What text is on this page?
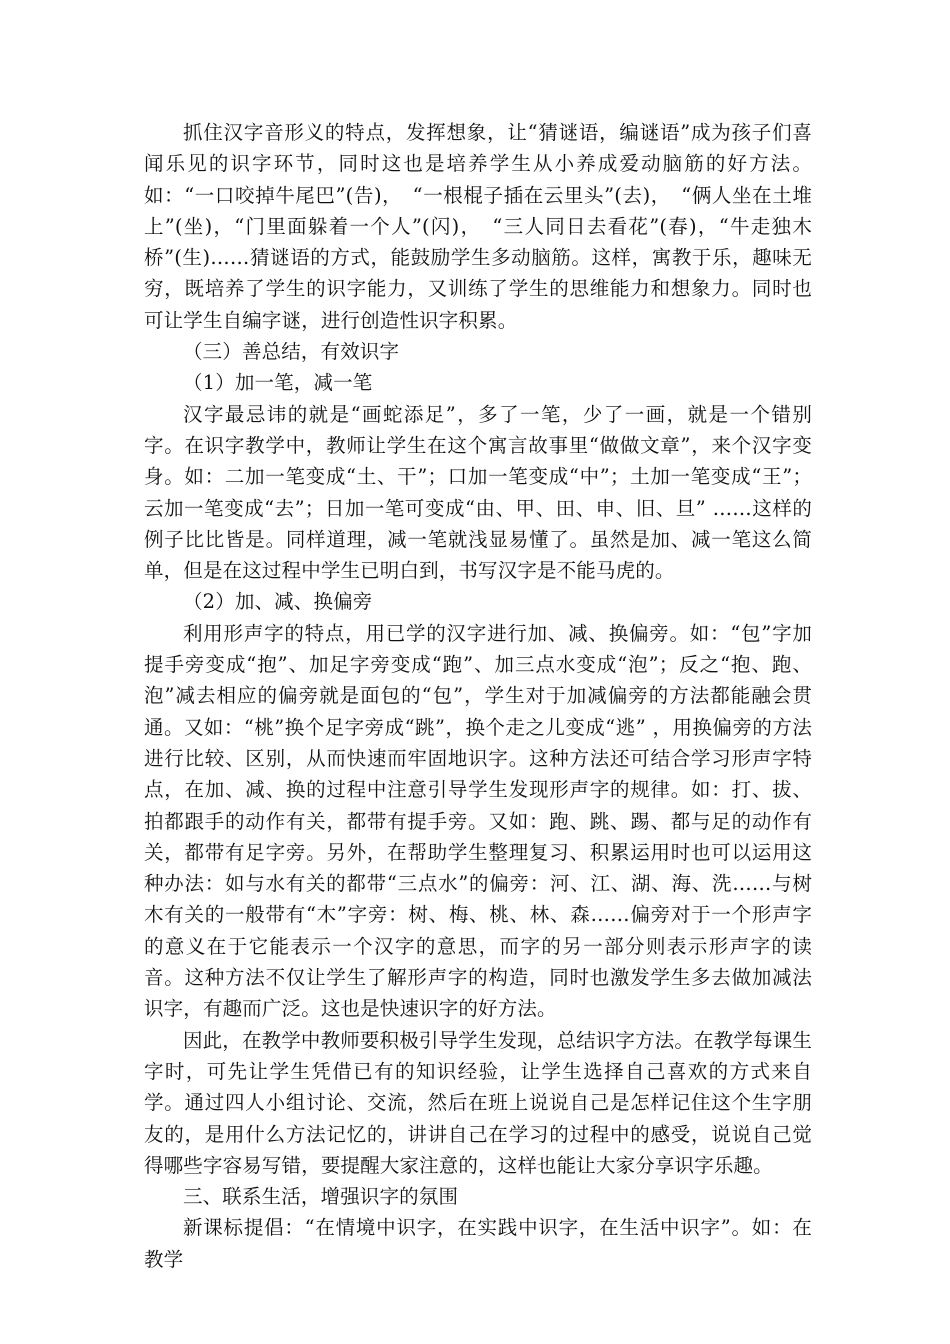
抓住汉字音形义的特点，发挥想象，让“猜谜语，编谜语”成为孩子们喜闻乐见的识字环节，同时这也是培养学生从小养成爱动脑筋的好方法。 如：“一口咬掉牛尾巴”(告)，　“一根棍子插在云里头”(去)，　“俩人坐在土堆上”(坐)，“门里面躲着一个人”(闪)，　“三人同日去看花”(春)，“牛走独木桥”(生)……猜谜语的方式，能鼓励学生多动脑筋。这样，寓教于乐，趣味无穷，既培养了学生的识字能力，又训练了学生的思维能力和想象力。同时也可让学生自编字谜，进行创造性识字积累。

（三）善总结，有效识字

（1）加一笔，减一笔

汉字最忌讳的就是“画蛇添足”，多了一笔，少了一画，就是一个错别字。在识字教学中，教师让学生在这个寓言故事里“做做文章”，来个汉字变身。如：二加一笔变成“土、干”；口加一笔变成“中”；土加一笔变成“王”；云加一笔变成“去”；日加一笔可变成“由、甲、田、申、旧、旦” ……这样的例子比比皆是。同样道理，减一笔就浅显易懂了。虽然是加、减一笔这么简单，但是在这过程中学生已明白到，书写汉字是不能马虎的。

（2）加、减、换偏旁

利用形声字的特点，用已学的汉字进行加、减、换偏旁。如：“包”字加提手旁变成“抱”、加足字旁变成“跑”、加三点水变成“泡”；反之“抱、跑、泡”减去相应的偏旁就是面包的“包”，学生对于加减偏旁的方法都能融会贯通。又如：“桃”换个足字旁成“跳”，换个走之儿变成“逃” ，用换偏旁的方法进行比较、区别，从而快速而牢固地识字。这种方法还可结合学习形声字特点，在加、减、换的过程中注意引导学生发现形声字的规律。如：打、拔、拍都跟手的动作有关，都带有提手旁。又如：跑、跳、踢、都与足的动作有关，都带有足字旁。另外，在帮助学生整理复习、积累运用时也可以运用这种办法：如与水有关的都带“三点水”的偏旁：河、江、湖、海、洗……与树木有关的一般带有“木”字旁：树、梅、桃、林、森……偏旁对于一个形声字的意义在于它能表示一个汉字的意思，而字的另一部分则表示形声字的读音。这种方法不仅让学生了解形声字的构造，同时也激发学生多去做加减法识字，有趣而广泛。这也是快速识字的好方法。

因此，在教学中教师要积极引导学生发现，总结识字方法。在教学每课生字时，可先让学生凭借已有的知识经验，让学生选择自己喜欢的方式来自学。通过四人小组讨论、交流，然后在班上说说自己是怎样记住这个生字朋友的，是用什么方法记忆的，讲讲自己在学习的过程中的感受，说说自己觉得哪些字容易写错，要提醒大家注意的，这样也能让大家分享识字乐趣。

三、联系生活，增强识字的氛围

新课标提倡：“在情境中识字，在实践中识字，在生活中识字”。如：在教学
